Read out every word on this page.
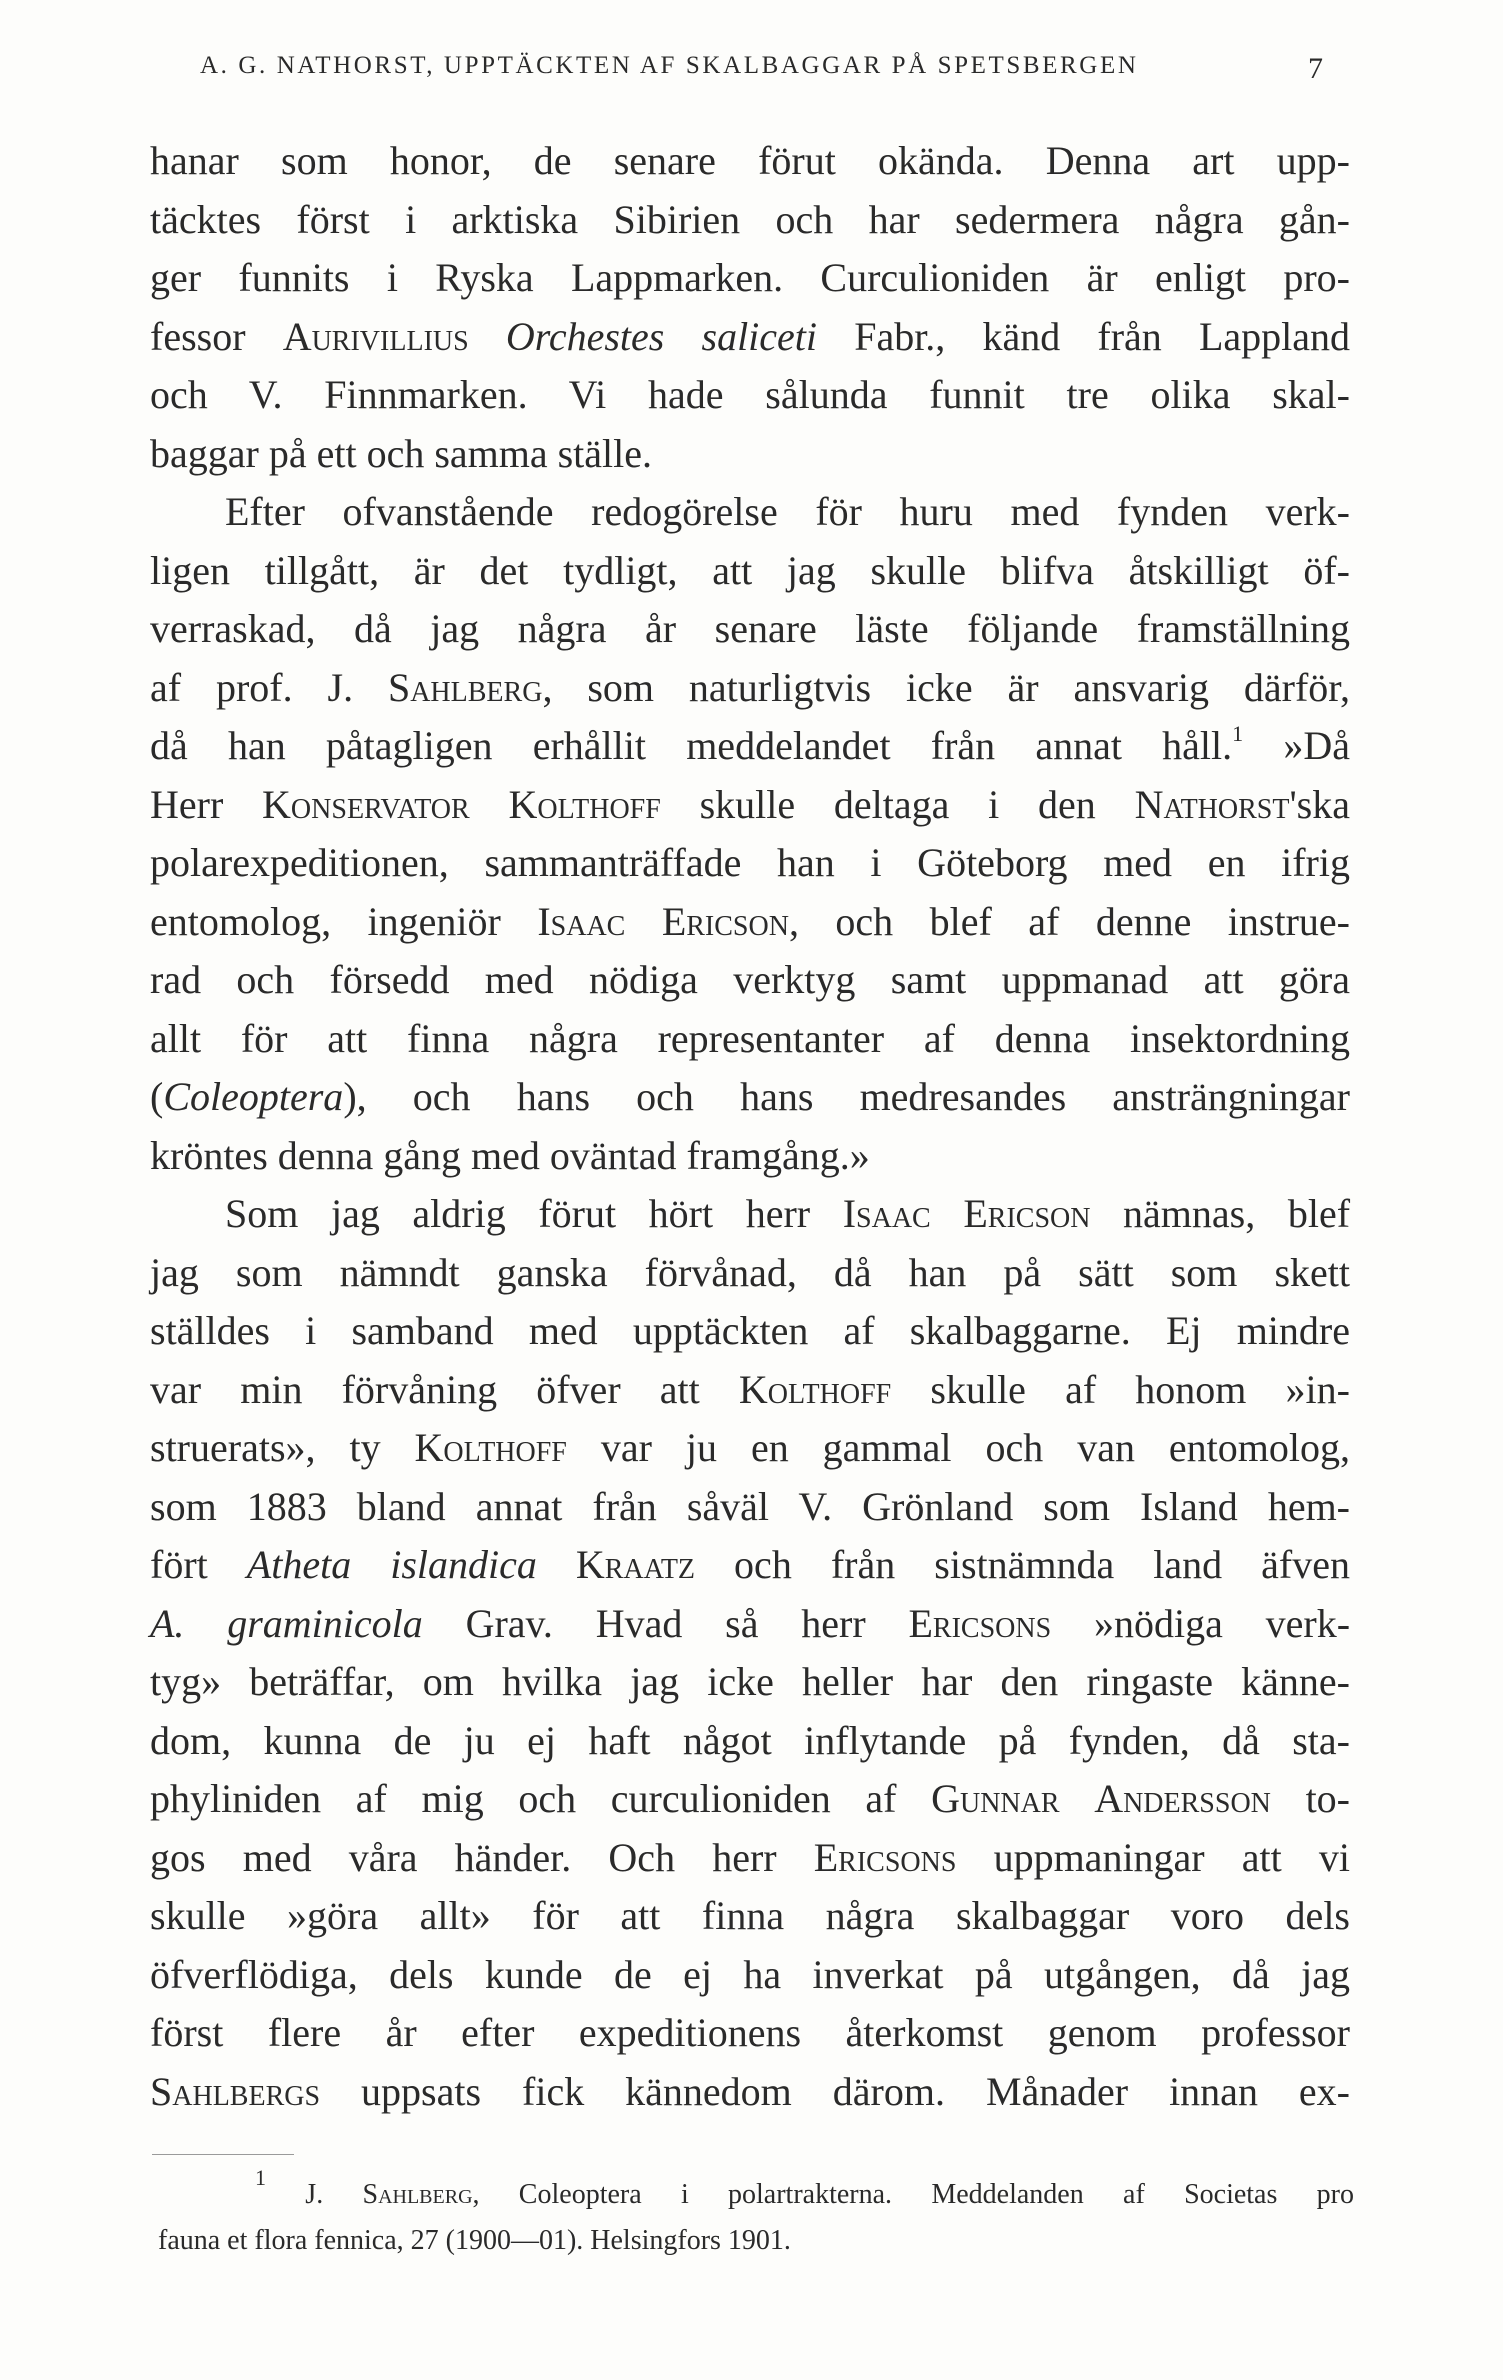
A. G. NATHORST, UPPTÄCKTEN AF SKALBAGGAR PÅ SPETSBERGEN	7
hanar som honor, de senare förut okända. Denna art upp-
täcktes först i arktiska Sibirien och har sedermera några gån-
ger funnits i Ryska Lappmarken. Curculioniden är enligt pro-
fessor Aurivillius Orchestes saliceti Fabr., känd från Lappland
och V. Finnmarken. Vi hade sålunda funnit tre olika skal-
baggar på ett och samma ställe.
Efter ofvanstående redogörelse för huru med fynden verk-
ligen tillgått, är det tydligt, att jag skulle blifva åtskilligt öf-
verraskad, då jag några år senare läste följande framställning
af prof. J. Sahlberg, som naturligtvis icke är ansvarig därför,
då han påtagligen erhållit meddelandet från annat håll.$^1$ »Då
Herr Konservator Kolthoff skulle deltaga i den Nathorst'ska
polarexpeditionen, sammanträffade han i Göteborg med en ifrig
entomolog, ingeniör Isaac Ericson, och blef af denne instrue-
rad och försedd med nödiga verktyg samt uppmanad att göra
allt för att finna några representanter af denna insektordning
(Coleoptera), och hans och hans medresandes ansträngningar
kröntes denna gång med oväntad framgång.»
Som jag aldrig förut hört herr Isaac Ericson nämnas, blef
jag som nämndt ganska förvånad, då han på sätt som skett
ställdes i samband med upptäckten af skalbaggarne. Ej mindre
var min förvåning öfver att Kolthoff skulle af honom »in-
struerats», ty Kolthoff var ju en gammal och van entomolog,
som 1883 bland annat från såväl V. Grönland som Island hem-
fört Atheta islandica Kraatz och från sistnämnda land äfven
A. graminicola Grav. Hvad så herr Ericsons »nödiga verk-
tyg» beträffar, om hvilka jag icke heller har den ringaste känne-
dom, kunna de ju ej haft något inflytande på fynden, då sta-
phyliniden af mig och curculioniden af Gunnar Andersson to-
gos med våra händer. Och herr Ericsons uppmaningar att vi
skulle »göra allt» för att finna några skalbaggar voro dels
öfverflödiga, dels kunde de ej ha inverkat på utgången, då jag
först flere år efter expeditionens återkomst genom professor
Sahlbergs uppsats fick kännedom därom. Månader innan ex-
$^1$ J. Sahlberg, Coleoptera i polartrakterna. Meddelanden af Societas pro
fauna et flora fennica, 27 (1900—01). Helsingfors 1901.
